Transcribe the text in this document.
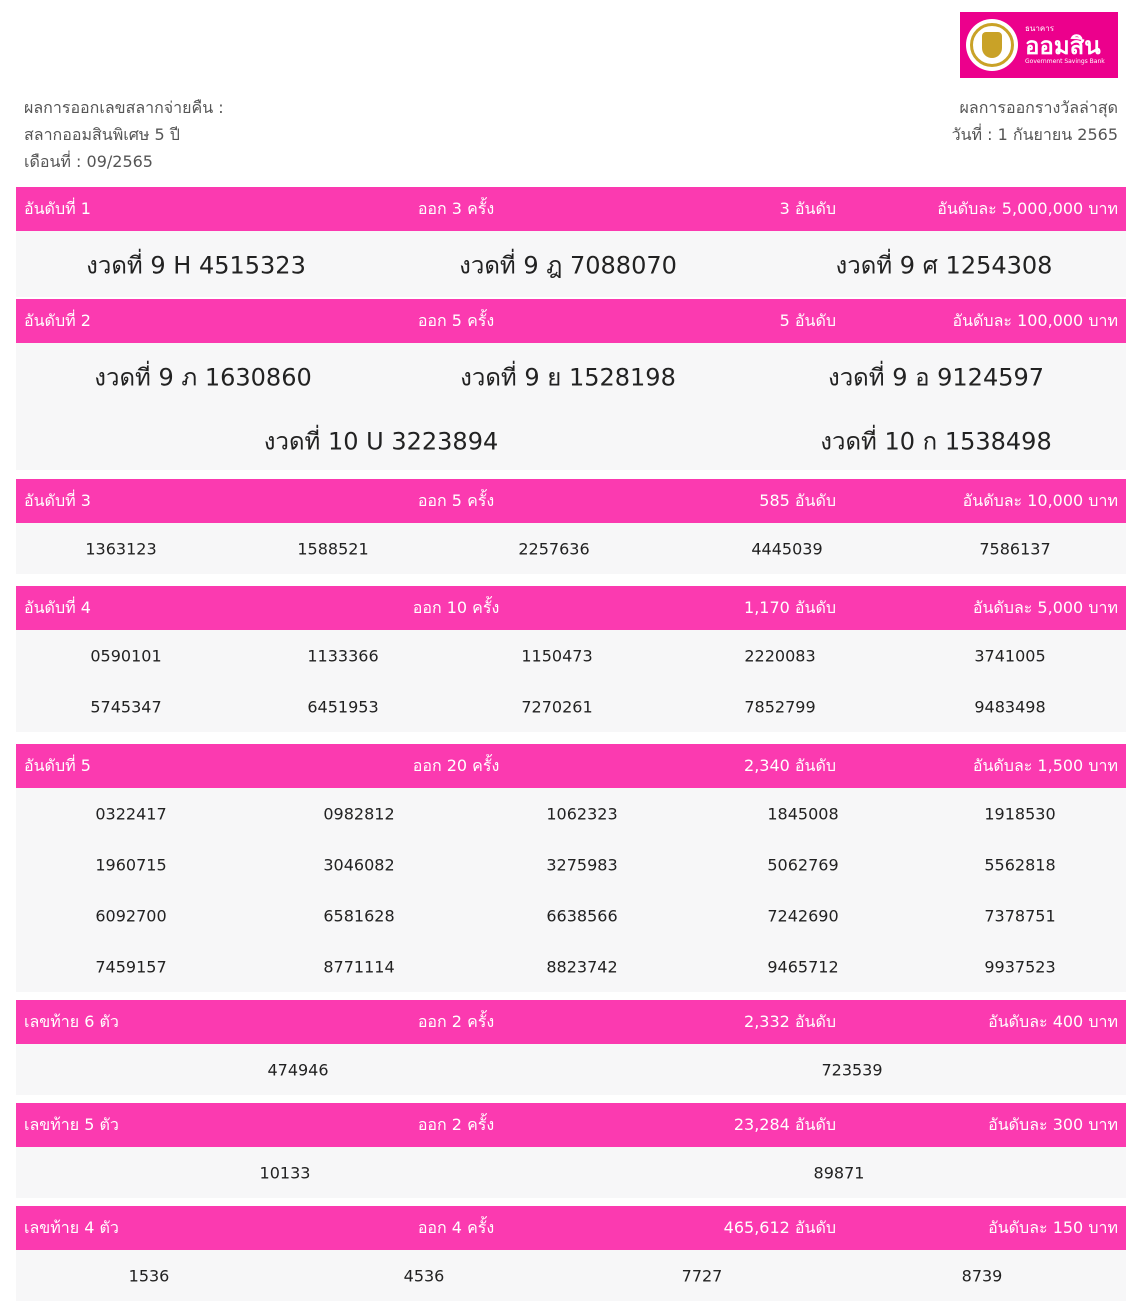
ธนาคาร
ออมสิน
Government Savings Bank
ผลการออกเลขสลากจ่ายคืน :
สลากออมสินพิเศษ 5 ปี
เดือนที่ : 09/2565
ผลการออกรางวัลล่าสุด
วันที่ : 1 กันยายน 2565
อันดับที่ 1	ออก 3 ครั้ง	3 อันดับ	อันดับละ 5,000,000 บาท
งวดที่ 9 H 4515323	งวดที่ 9 ฎ 7088070	งวดที่ 9 ศ 1254308
อันดับที่ 2	ออก 5 ครั้ง	5 อันดับ	อันดับละ 100,000 บาท
งวดที่ 9 ภ 1630860	งวดที่ 9 ย 1528198	งวดที่ 9 อ 9124597
งวดที่ 10 U 3223894	งวดที่ 10 ก 1538498
อันดับที่ 3	ออก 5 ครั้ง	585 อันดับ	อันดับละ 10,000 บาท
1363123	1588521	2257636	4445039	7586137
อันดับที่ 4	ออก 10 ครั้ง	1,170 อันดับ	อันดับละ 5,000 บาท
0590101	1133366	1150473	2220083	3741005
5745347	6451953	7270261	7852799	9483498
อันดับที่ 5	ออก 20 ครั้ง	2,340 อันดับ	อันดับละ 1,500 บาท
0322417	0982812	1062323	1845008	1918530
1960715	3046082	3275983	5062769	5562818
6092700	6581628	6638566	7242690	7378751
7459157	8771114	8823742	9465712	9937523
เลขท้าย 6 ตัว	ออก 2 ครั้ง	2,332 อันดับ	อันดับละ 400 บาท
474946	723539
เลขท้าย 5 ตัว	ออก 2 ครั้ง	23,284 อันดับ	อันดับละ 300 บาท
10133	89871
เลขท้าย 4 ตัว	ออก 4 ครั้ง	465,612 อันดับ	อันดับละ 150 บาท
1536	4536	7727	8739
